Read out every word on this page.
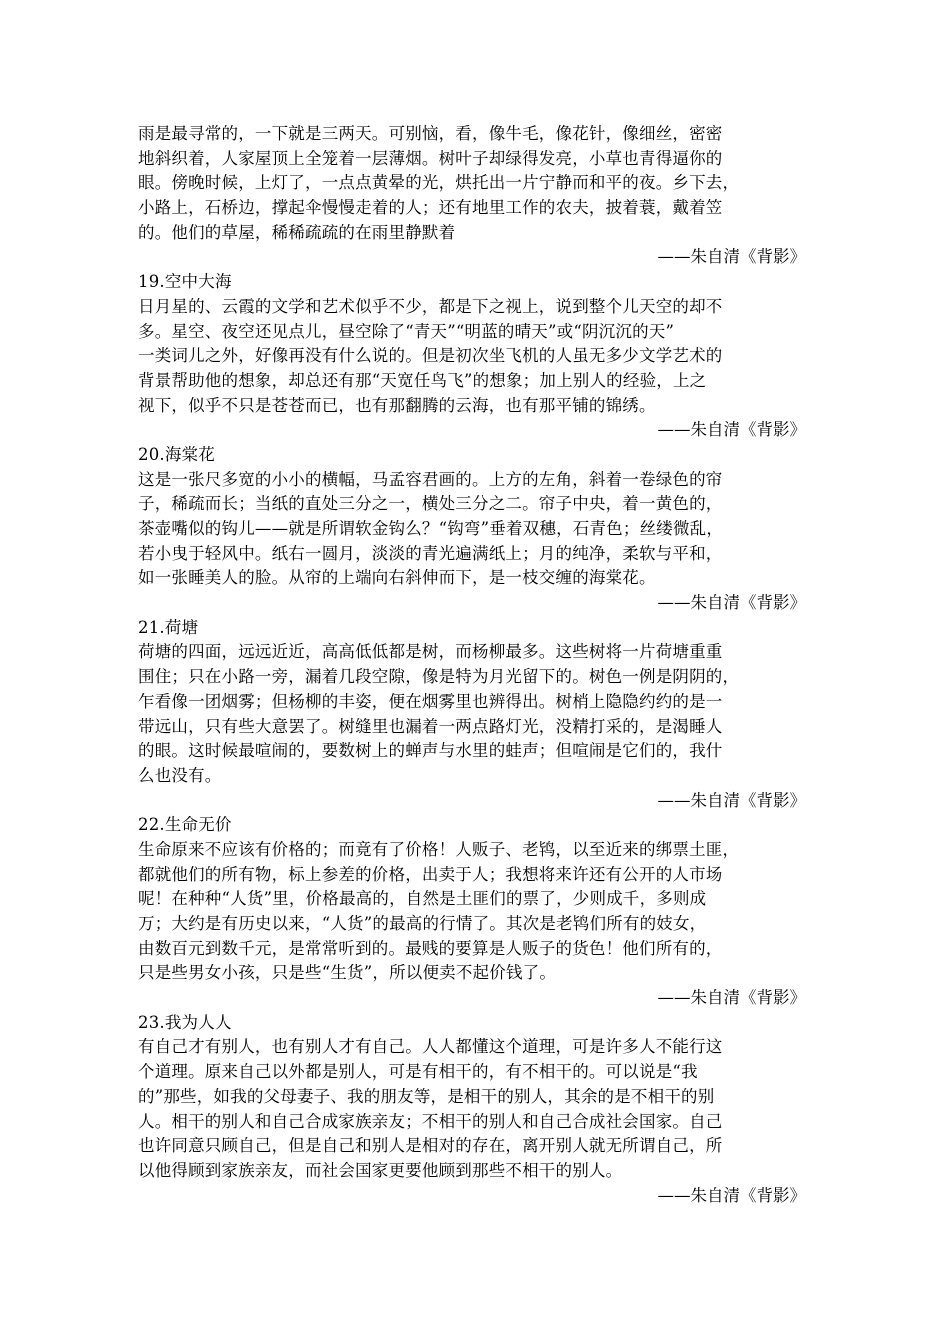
雨是最寻常的，一下就是三两天。可别恼，看，像牛毛，像花针，像细丝，密密
地斜织着，人家屋顶上全笼着一层薄烟。树叶子却绿得发亮，小草也青得逼你的
眼。傍晚时候，上灯了，一点点黄晕的光，烘托出一片宁静而和平的夜。乡下去，
小路上，石桥边，撑起伞慢慢走着的人；还有地里工作的农夫，披着蓑，戴着笠
的。他们的草屋，稀稀疏疏的在雨里静默着
——朱自清《背影》
19.空中大海
日月星的、云霞的文学和艺术似乎不少，都是下之视上，说到整个儿天空的却不
多。星空、夜空还见点儿，昼空除了“青天”“明蓝的晴天”或“阴沉沉的天”
一类词儿之外，好像再没有什么说的。但是初次坐飞机的人虽无多少文学艺术的
背景帮助他的想象，却总还有那“天宽任鸟飞”的想象；加上别人的经验，上之
视下，似乎不只是苍苍而已，也有那翻腾的云海，也有那平铺的锦绣。
——朱自清《背影》
20.海棠花
这是一张尺多宽的小小的横幅，马孟容君画的。上方的左角，斜着一卷绿色的帘
子，稀疏而长；当纸的直处三分之一，横处三分之二。帘子中央，着一黄色的，
茶壶嘴似的钩儿——就是所谓软金钩么？“钩弯”垂着双穗，石青色；丝缕微乱，
若小曳于轻风中。纸右一圆月，淡淡的青光遍满纸上；月的纯净，柔软与平和，
如一张睡美人的脸。从帘的上端向右斜伸而下，是一枝交缠的海棠花。
——朱自清《背影》
21.荷塘
荷塘的四面，远远近近，高高低低都是树，而杨柳最多。这些树将一片荷塘重重
围住；只在小路一旁，漏着几段空隙，像是特为月光留下的。树色一例是阴阴的，
乍看像一团烟雾；但杨柳的丰姿，便在烟雾里也辨得出。树梢上隐隐约约的是一
带远山，只有些大意罢了。树缝里也漏着一两点路灯光，没精打采的，是渴睡人
的眼。这时候最喧闹的，要数树上的蝉声与水里的蛙声；但喧闹是它们的，我什
么也没有。
——朱自清《背影》
22.生命无价
生命原来不应该有价格的；而竟有了价格！人贩子、老鸨，以至近来的绑票土匪，
都就他们的所有物，标上参差的价格，出卖于人；我想将来许还有公开的人市场
呢！在种种“人货”里，价格最高的，自然是土匪们的票了，少则成千，多则成
万；大约是有历史以来，“人货”的最高的行情了。其次是老鸨们所有的妓女，
由数百元到数千元，是常常听到的。最贱的要算是人贩子的货色！他们所有的，
只是些男女小孩，只是些“生货”，所以便卖不起价钱了。
——朱自清《背影》
23.我为人人
有自己才有别人，也有别人才有自己。人人都懂这个道理，可是许多人不能行这
个道理。原来自己以外都是别人，可是有相干的，有不相干的。可以说是“我
的”那些，如我的父母妻子、我的朋友等，是相干的别人，其余的是不相干的别
人。相干的别人和自己合成家族亲友；不相干的别人和自己合成社会国家。自己
也许同意只顾自己，但是自己和别人是相对的存在，离开别人就无所谓自己，所
以他得顾到家族亲友，而社会国家更要他顾到那些不相干的别人。
——朱自清《背影》
